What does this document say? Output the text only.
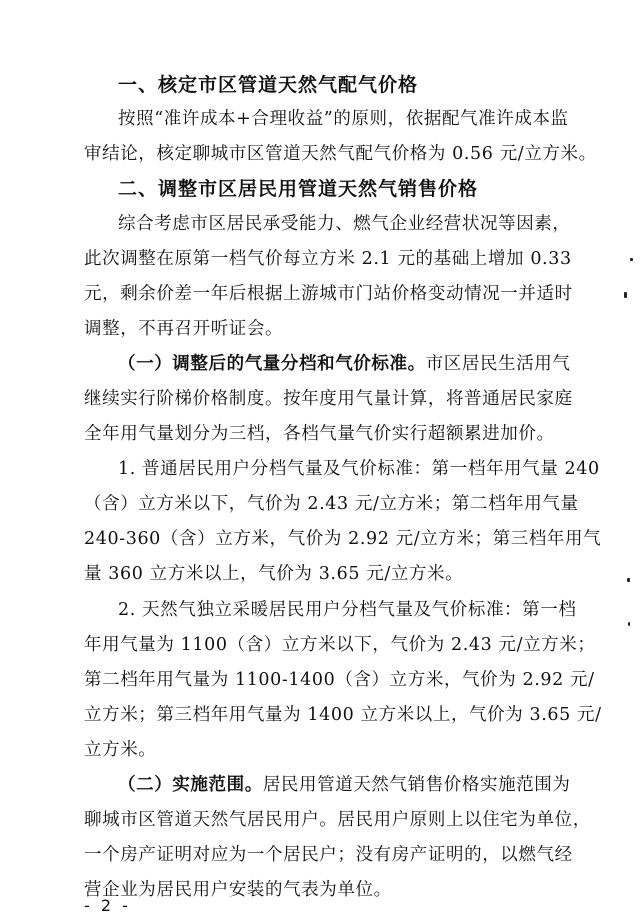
一、核定市区管道天然气配气价格
按照“准许成本+合理收益”的原则，依据配气准许成本监
审结论，核定聊城市区管道天然气配气价格为 0.56 元/立方米。
二、调整市区居民用管道天然气销售价格
综合考虑市区居民承受能力、燃气企业经营状况等因素，
此次调整在原第一档气价每立方米 2.1 元的基础上增加 0.33
元，剩余价差一年后根据上游城市门站价格变动情况一并适时
调整，不再召开听证会。
（一）调整后的气量分档和气价标准。市区居民生活用气
继续实行阶梯价格制度。按年度用气量计算，将普通居民家庭
全年用气量划分为三档，各档气量气价实行超额累进加价。
1. 普通居民用户分档气量及气价标准：第一档年用气量 240
（含）立方米以下，气价为 2.43 元/立方米；第二档年用气量
240-360（含）立方米，气价为 2.92 元/立方米；第三档年用气
量 360 立方米以上，气价为 3.65 元/立方米。
2. 天然气独立采暖居民用户分档气量及气价标准：第一档
年用气量为 1100（含）立方米以下，气价为 2.43 元/立方米；
第二档年用气量为 1100-1400（含）立方米，气价为 2.92 元/
立方米；第三档年用气量为 1400 立方米以上，气价为 3.65 元/
立方米。
（二）实施范围。居民用管道天然气销售价格实施范围为
聊城市区管道天然气居民用户。居民用户原则上以住宅为单位，
一个房产证明对应为一个居民户；没有房产证明的，以燃气经
营企业为居民用户安装的气表为单位。
- 2 -
